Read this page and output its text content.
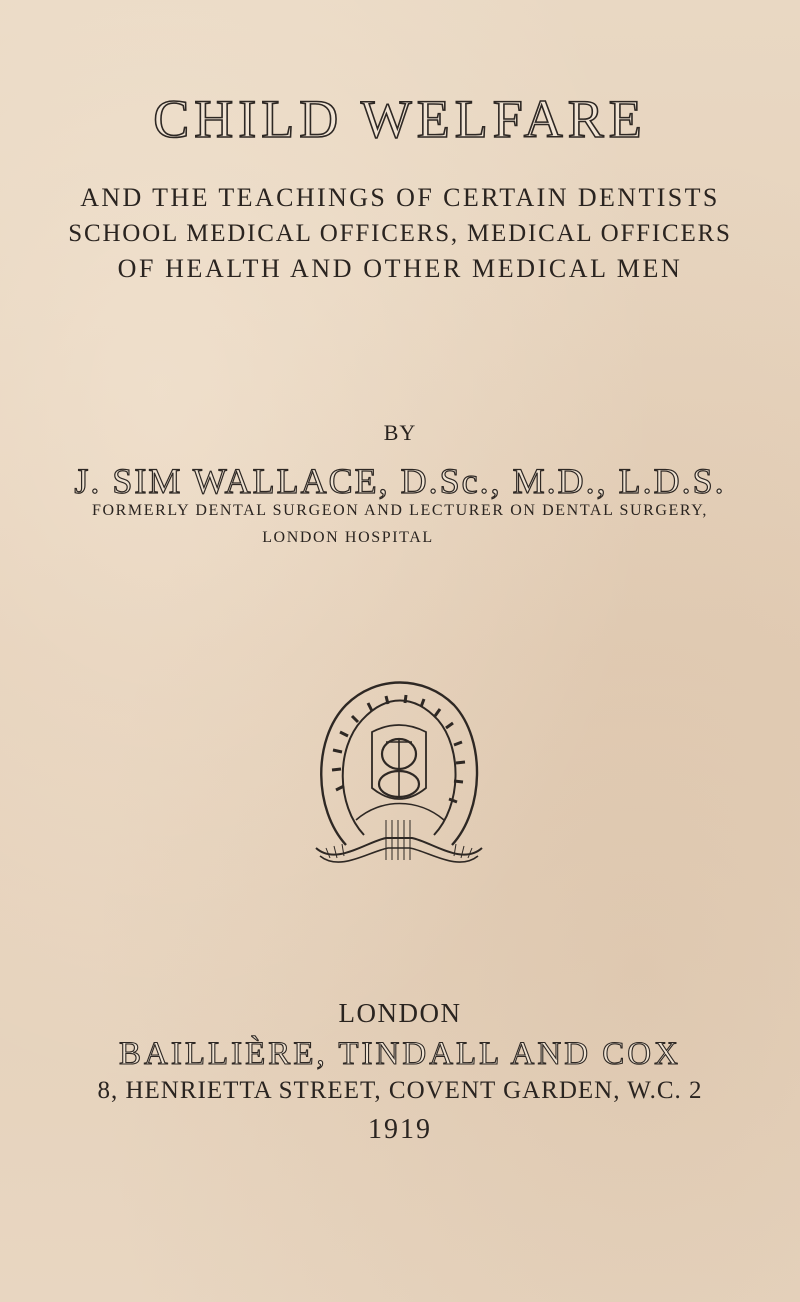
CHILD WELFARE

AND THE TEACHINGS OF CERTAIN DENTISTS

SCHOOL MEDICAL OFFICERS, MEDICAL OFFICERS

OF HEALTH AND OTHER MEDICAL MEN

BY
J. SIM WALLACE, D.Sc., M.D., L.D.S.
FORMERLY DENTAL SURGEON AND LECTURER ON DENTAL SURGERY,
LONDON HOSPITAL
LONDON
BAILLIÈRE, TINDALL AND COX
8, HENRIETTA STREET, COVENT GARDEN, W.C. 2
1919
